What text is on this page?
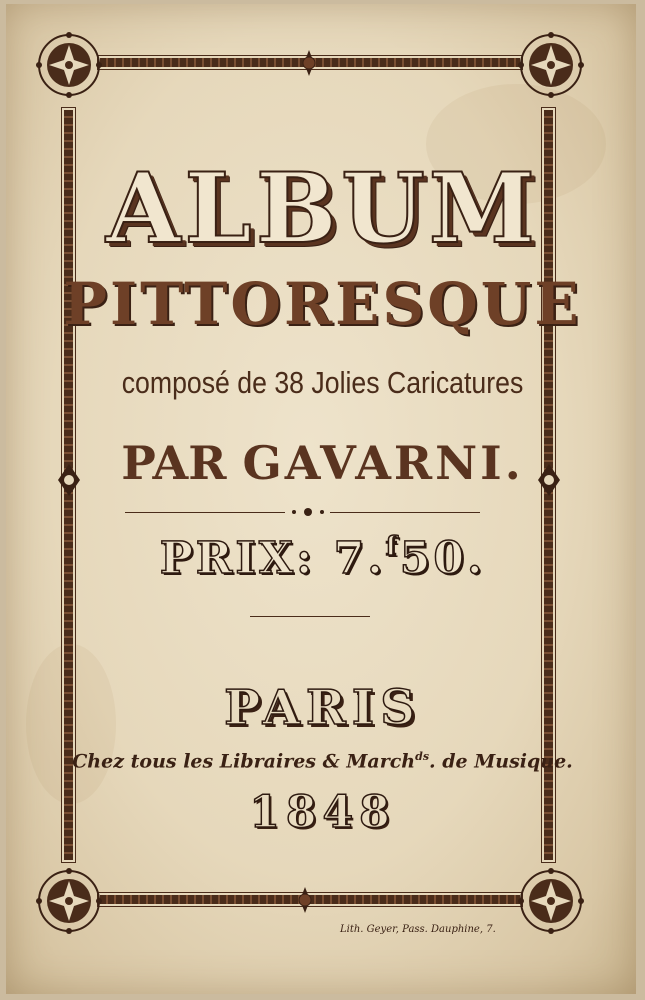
ALBUM

PITTORESQUE

composé de 38 Jolies Caricatures

PAR GAVARNI.

PRIX: 7.$^f$50.

PARIS

Chez tous les Libraires & March$^{ds}$. de Musique.

1848

Lith. Geyer, Pass. Dauphine, 7.
